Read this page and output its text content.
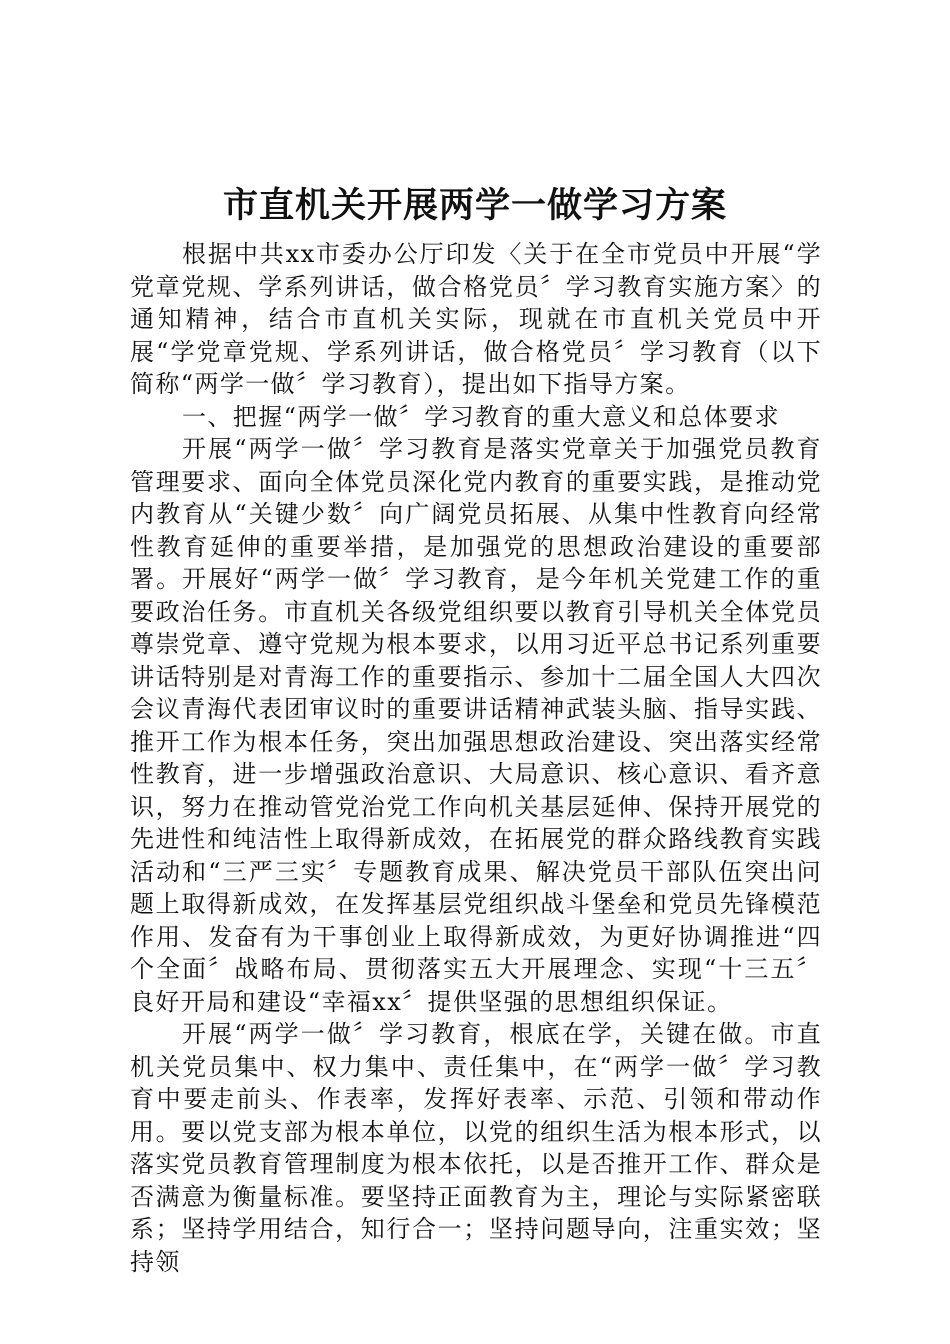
市直机关开展两学一做学习方案

根据中共xx市委办公厅印发〈关于在全市党员中开展“学党章党规、学系列讲话，做合格党员〞学习教育实施方案〉的通知精神，结合市直机关实际，现就在市直机关党员中开展“学党章党规、学系列讲话，做合格党员〞学习教育（以下简称“两学一做〞学习教育），提出如下指导方案。

一、把握“两学一做〞学习教育的重大意义和总体要求

开展“两学一做〞学习教育是落实党章关于加强党员教育管理要求、面向全体党员深化党内教育的重要实践，是推动党内教育从“关键少数〞向广阔党员拓展、从集中性教育向经常性教育延伸的重要举措，是加强党的思想政治建设的重要部署。开展好“两学一做〞学习教育，是今年机关党建工作的重要政治任务。市直机关各级党组织要以教育引导机关全体党员尊崇党章、遵守党规为根本要求，以用习近平总书记系列重要讲话特别是对青海工作的重要指示、参加十二届全国人大四次会议青海代表团审议时的重要讲话精神武装头脑、指导实践、推开工作为根本任务，突出加强思想政治建设、突出落实经常性教育，进一步增强政治意识、大局意识、核心意识、看齐意识，努力在推动管党治党工作向机关基层延伸、保持开展党的先进性和纯洁性上取得新成效，在拓展党的群众路线教育实践活动和“三严三实〞专题教育成果、解决党员干部队伍突出问题上取得新成效，在发挥基层党组织战斗堡垒和党员先锋模范作用、发奋有为干事创业上取得新成效，为更好协调推进“四个全面〞战略布局、贯彻落实五大开展理念、实现“十三五〞良好开局和建设“幸福xx〞提供坚强的思想组织保证。

开展“两学一做〞学习教育，根底在学，关键在做。市直机关党员集中、权力集中、责任集中，在“两学一做〞学习教育中要走前头、作表率，发挥好表率、示范、引领和带动作用。要以党支部为根本单位，以党的组织生活为根本形式，以落实党员教育管理制度为根本依托，以是否推开工作、群众是否满意为衡量标准。要坚持正面教育为主，理论与实际紧密联系；坚持学用结合，知行合一；坚持问题导向，注重实效；坚持领
